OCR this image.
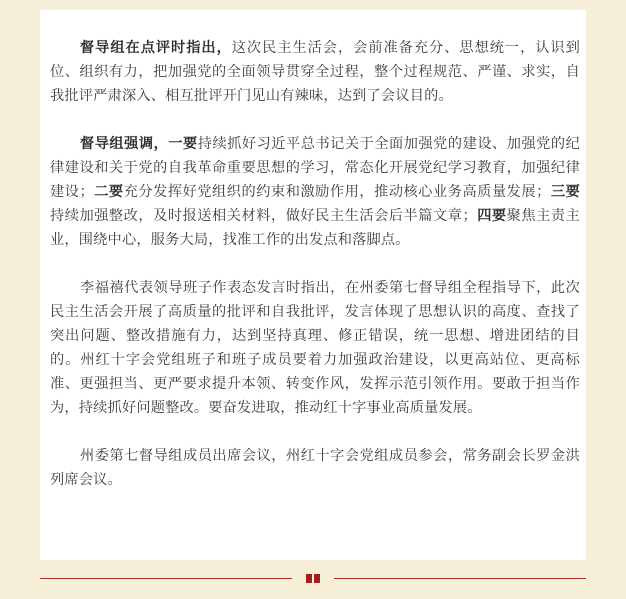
督导组在点评时指出，这次民主生活会，会前准备充分、思想统一，认识到位、组织有力，把加强党的全面领导贯穿全过程，整个过程规范、严谨、求实，自我批评严肃深入、相互批评开门见山有辣味，达到了会议目的。

督导组强调，一要持续抓好习近平总书记关于全面加强党的建设、加强党的纪律建设和关于党的自我革命重要思想的学习，常态化开展党纪学习教育，加强纪律建设；二要充分发挥好党组织的约束和激励作用，推动核心业务高质量发展；三要持续加强整改，及时报送相关材料，做好民主生活会后半篇文章；四要聚焦主责主业，围绕中心，服务大局，找准工作的出发点和落脚点。

李福禧代表领导班子作表态发言时指出，在州委第七督导组全程指导下，此次民主生活会开展了高质量的批评和自我批评，发言体现了思想认识的高度、查找了突出问题、整改措施有力，达到坚持真理、修正错误，统一思想、增进团结的目的。州红十字会党组班子和班子成员要着力加强政治建设，以更高站位、更高标准、更强担当、更严要求提升本领、转变作风，发挥示范引领作用。要敢于担当作为，持续抓好问题整改。要奋发进取，推动红十字事业高质量发展。

州委第七督导组成员出席会议，州红十字会党组成员参会，常务副会长罗金洪列席会议。
